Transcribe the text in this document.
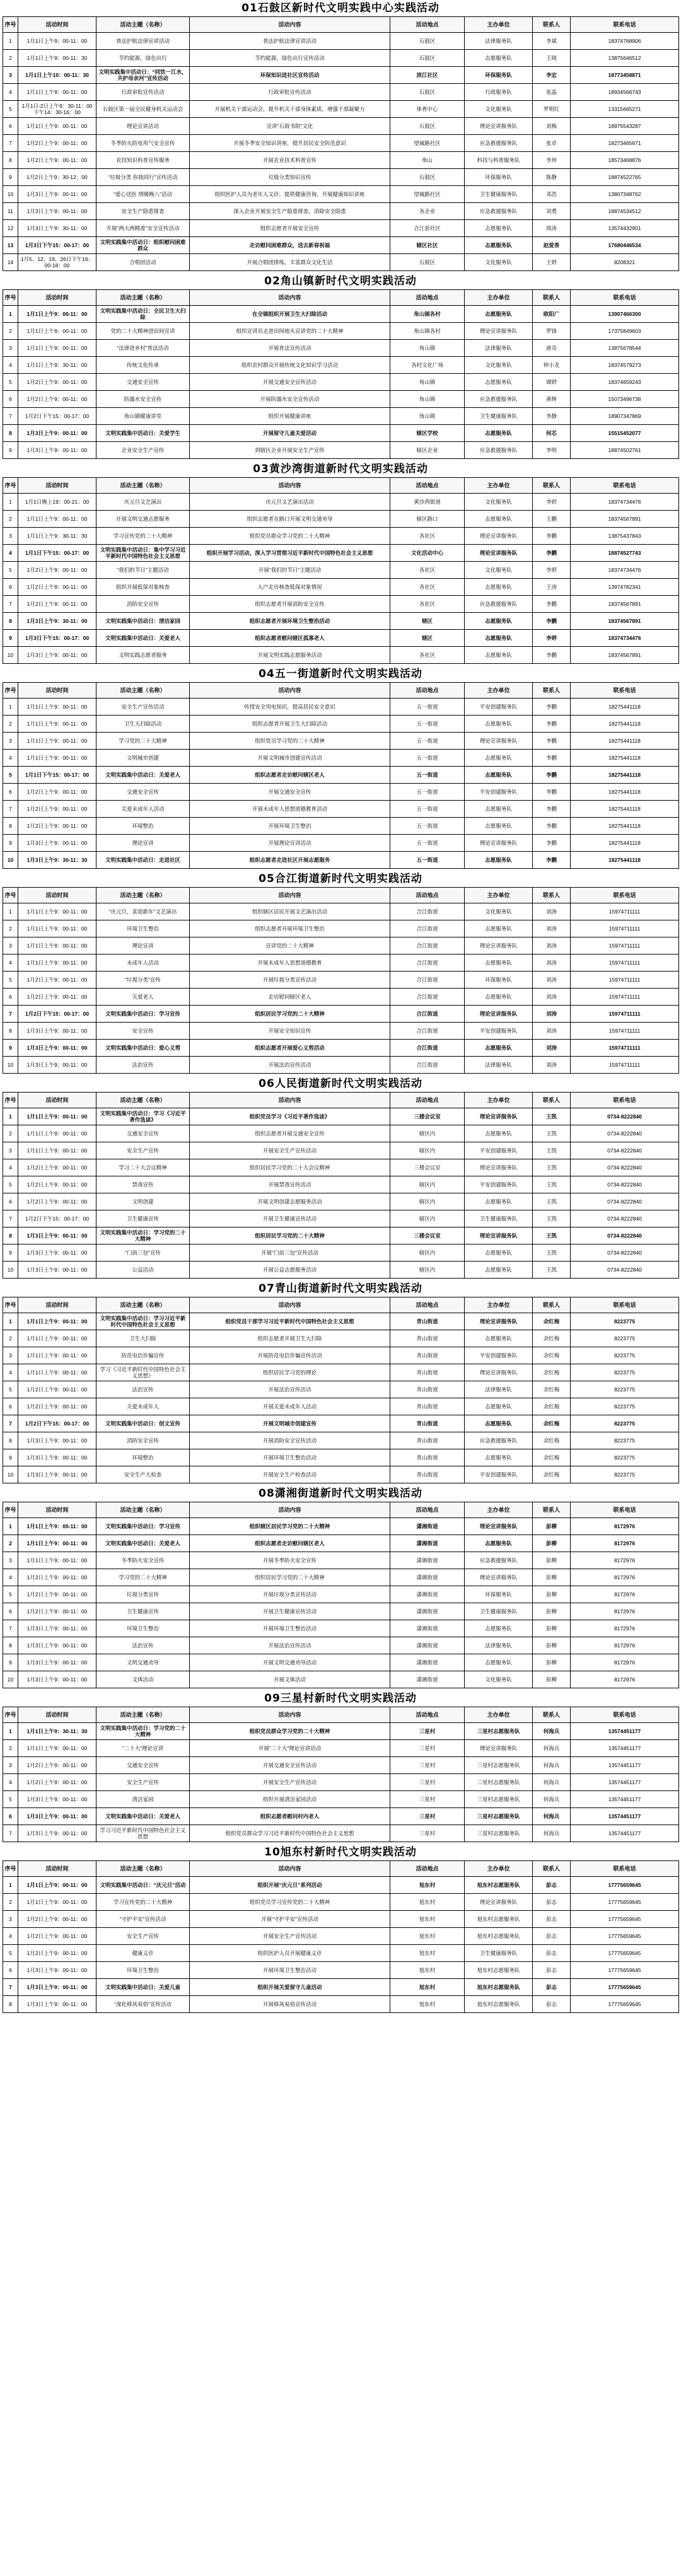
01石鼓区新时代文明实践中心实践活动
序号	活动时间	活动主题（名称）	活动内容	活动地点	主办单位	联系人	联系电话
1	1月1日上午9：00-11：00	普法护航法律宣讲活动	普法护航法律宣讲活动	石鼓区	法律服务队	李斌	18374768906
2	1月1日上午9：00-11：30	节约能源，绿色出行	节约能源，绿色出行宣传活动	石鼓区	志愿服务队	王晓	13875646512
3	1月1日上午10：00-11：30	文明实践集中活动日：“同饮一江水，共护母亲河”宣传活动	环保知识进社区宣传活动	滨江社区	环保服务队	李宏	18773458871
4	1月1日上午9：00-11：00	行政审批宣传活动	行政审批宣传活动	石鼓区	行政服务队	张晶	18934566743
5	1月1日-2日上午9：30-11：00 下午14：30-16：00	石鼓区第一届全民健身机关运动会	开展机关干部运动会，提升机关干部身体素质，增强干部凝聚力	体育中心	文化服务队	罗明红	13315665271
6	1月1日上午9：00-11：00	理论宣讲活动	宣讲“石鼓书院”文化	石鼓区	理论宣讲服务队	刘梅	18975543287
7	1月2日上午9：00-11：00	冬季防火防电用气安全宣传	开展冬季安全知识讲座，提升居民安全防范意识	望城路社区	应急救援服务队	张卓	18273465671
8	1月2日上午9：00-11：00	农技知识科普宣传服务	开展农业技术科普宣传	角山	科技与科普服务队	李珍	18573468876
9	1月2日上午9：30-12：00	“垃圾分类 你我同行”宣传活动	垃圾分类知识宣传	石鼓区	环保服务队	陈静	18874522765
10	1月3日上午9：00-11：00	“爱心送医 情暖晚八”活动	组织医护人员为老年人义诊，提供健康咨询，开展健康知识讲座	望城路社区	卫生健康服务队	邓浩	13807348762
11	1月3日上午9：00-11：00	安全生产隐患排查	深入企业开展安全生产隐患排查，消除安全隐患	各企业	应急救援服务队	刘勇	18874534512
12	1月3日上午9：30-11：00	开展“两大两精准”安全宣传活动	组织志愿者开展安全宣传	合江套社区	志愿服务队	周涛	13574432901
13	1月3日下午15：00-17：00	文明实践集中活动日：组织慰问困难群众	走访慰问困难群众，送去新春祝福	辖区社区	志愿服务队	赵爱香	17680446534
14	1月5、12、19、26日下午16：00-18：00	合唱团活动	开展合唱团排练，丰富群众文化生活	石鼓区	文化服务队	王婷	8208321
02角山镇新时代文明实践活动
序号	活动时间	活动主题（名称）	活动内容	活动地点	主办单位	联系人	联系电话
1	1月1日上午9：00-11：00	文明实践集中活动日：全民卫生大扫除	在全镇组织开展卫生大扫除活动	角山镇各村	志愿服务队	欧阳广	13907466300
2	1月1日上午9：00-11：00	党的二十大精神进田间宣讲	组织宣讲员走进田间地头宣讲党的二十大精神	角山镇各村	理论宣讲服务队	罗锋	17375849603
3	1月1日上午9：00-11：00	“法律进乡村”普法活动	开展普法宣传活动	角山镇	法律服务队	唐亮	13875678544
4	1月1日上午9：30-11：00	传统文化传承	组织农村群众开展传统文化知识学习活动	各村文化广场	文化服务队	钟小龙	18374579273
5	1月2日上午9：00-11：00	交通安全宣传	开展交通安全宣传活动	角山镇	志愿服务队	谭婷	18374659243
6	1月2日上午9：00-11：00	防溺水安全宣传	开展防溺水安全宣传活动	角山镇	应急救援服务队	黄辉	15073496738
7	1月2日下午15：00-17：00	角山镇健康讲堂	组织开展健康讲座	角山镇	卫生健康服务队	李静	18907347869
8	1月3日上午9：00-11：00	文明实践集中活动日：关爱学生	开展留守儿童关爱活动	辖区学校	志愿服务队	何芯	15515452077
9	1月3日上午9：00-11：00	企业安全生产宣传	到辖区企业开展安全生产宣传	辖区企业	应急救援服务队	李明	18874502761
03黄沙湾街道新时代文明实践活动
序号	活动时间	活动主题（名称）	活动内容	活动地点	主办单位	联系人	联系电话
1	1月1日晚上19：00-21：00	庆元旦文艺演出	庆元旦文艺演出活动	黄沙湾街道	文化服务队	李婷	18374734476
2	1月1日上午9：00-11：00	开展文明交通志愿服务	组织志愿者在路口开展文明交通劝导	辖区路口	志愿服务队	王鹏	18374567891
3	1月1日上午9：30-11：30	学习宣传党的二十大精神	组织党员群众学习党的二十大精神	各社区	理论宣讲服务队	李鹏	13875437843
4	1月1日下午15：00-17：00	文明实践集中活动日：集中学习习近平新时代中国特色社会主义思想	组织开展学习活动，深入学习贯彻习近平新时代中国特色社会主义思想	文化活动中心	理论宣讲服务队	李鹏	18874527743
5	1月2日上午9：00-11：00	“我们的节日”主题活动	开展“我们的节日”主题活动	各社区	文化服务队	李婷	18374734476
6	1月2日上午9：00-11：00	组织开展低保对象核查	入户走访核查低保对象情况	各社区	志愿服务队	王涛	13974782341
7	1月2日上午9：00-11：00	消防安全宣传	组织志愿者开展消防安全宣传	各社区	应急救援服务队	李鹏	18374567891
8	1月3日上午9：30-11：00	文明实践集中活动日：清洁家园	组织志愿者开展环境卫生整治活动	辖区	志愿服务队	李鹏	18374567891
9	1月3日下午15：00-17：00	文明实践集中活动日：关爱老人	组织志愿者慰问辖区孤寡老人	辖区	志愿服务队	李婷	18374734476
10	1月3日上午9：00-11：00	文明实践志愿者服务	开展文明实践志愿服务活动	各社区	志愿服务队	李鹏	18374567891
04五一街道新时代文明实践活动
序号	活动时间	活动主题（名称）	活动内容	活动地点	主办单位	联系人	联系电话
1	1月1日上午9：00-11：00	安全生产宣传活动	传授安全用电知识，提高居民安全意识	五一街道	平安创建服务队	李鹏	18275441118
2	1月1日上午9：00-11：00	卫生大扫除活动	组织志愿者开展卫生大扫除活动	五一街道	志愿服务队	李鹏	18275441118
3	1月1日上午9：00-11：00	学习党的二十大精神	组织党员学习党的二十大精神	五一街道	理论宣讲服务队	李鹏	18275441118
4	1月1日上午9：00-11：00	文明城市创建	开展文明城市创建宣传活动	五一街道	志愿服务队	李鹏	18275441118
5	1月1日下午15：00-17：00	文明实践集中活动日：关爱老人	组织志愿者走访慰问辖区老人	五一街道	志愿服务队	李鹏	18275441118
6	1月2日上午9：00-11：00	交通安全宣传	开展交通安全宣传	五一街道	平安创建服务队	李鹏	18275441118
7	1月2日上午9：00-11：00	关爱未成年人活动	开展未成年人思想道德教育活动	五一街道	志愿服务队	李鹏	18275441118
8	1月2日上午9：00-11：00	环境整治	开展环境卫生整治	五一街道	志愿服务队	李鹏	18275441118
9	1月3日上午9：00-11：00	理论宣讲	开展理论宣讲活动	五一街道	理论宣讲服务队	李鹏	18275441118
10	1月3日上午9：30-11：30	文明实践集中活动日：走进社区	组织志愿者走进社区开展志愿服务	五一街道	志愿服务队	李鹏	18275441118
05合江街道新时代文明实践活动
序号	活动时间	活动主题（名称）	活动内容	活动地点	主办单位	联系人	联系电话
1	1月1日上午9：00-11：00	“庆元旦，喜迎新年”文艺演出	组织辖区居民开展文艺演出活动	合江街道	文化服务队	刘涛	15974711111
2	1月1日上午9：00-11：00	环境卫生整治	组织志愿者开展环境卫生整治	合江街道	志愿服务队	刘涛	15974711111
3	1月1日上午9：00-11：00	理论宣讲	宣讲党的二十大精神	合江街道	理论宣讲服务队	刘涛	15974711111
4	1月1日上午9：00-11：00	未成年人活动	开展未成年人思想道德教育	合江街道	志愿服务队	刘涛	15974711111
5	1月2日上午9：00-11：00	“垃圾分类”宣传	开展垃圾分类宣传活动	合江街道	环保服务队	刘涛	15974711111
6	1月2日上午9：00-11：00	关爱老人	走访慰问辖区老人	合江街道	志愿服务队	刘涛	15974711111
7	1月2日下午15：00-17：00	文明实践集中活动日：学习宣传	组织居民学习党的二十大精神	合江街道	理论宣讲服务队	刘涛	15974711111
8	1月3日上午9：00-11：00	安全宣传	开展安全知识宣传	合江街道	平安创建服务队	刘涛	15974711111
9	1月3日上午9：00-11：00	文明实践集中活动日：爱心义剪	组织志愿者开展爱心义剪活动	合江街道	志愿服务队	刘涛	15974711111
10	1月3日上午9：00-11：00	法治宣传	开展法治宣传活动	合江街道	法律服务队	刘涛	15974711111
06人民街道新时代文明实践活动
序号	活动时间	活动主题（名称）	活动内容	活动地点	主办单位	联系人	联系电话
1	1月1日上午9：00-11：00	文明实践集中活动日：学习《习近平著作选读》	组织党员学习《习近平著作选读》	三楼会议室	理论宣讲服务队	王凯	0734-8222840
2	1月1日上午9：00-11：00	交通安全宣传	组织志愿者开展交通安全宣传	辖区内	志愿服务队	王凯	0734-8222840
3	1月1日上午9：00-11：00	安全生产宣传	开展安全生产宣传活动	辖区内	平安创建服务队	王凯	0734-8222840
4	1月2日上午9：00-11：00	学习二十大会议精神	组织居民学习党的二十大会议精神	三楼会议室	理论宣讲服务队	王凯	0734-8222840
5	1月2日上午9：00-11：00	禁毒宣传	开展禁毒宣传活动	辖区内	平安创建服务队	王凯	0734-8222840
6	1月2日上午9：00-11：00	文明创建	开展文明创建志愿服务活动	辖区内	志愿服务队	王凯	0734-8222840
7	1月2日下午15：00-17：00	卫生健康宣传	开展卫生健康宣传活动	辖区内	卫生健康服务队	王凯	0734-8222840
8	1月3日上午9：00-11：00	文明实践集中活动日：学习党的二十大精神	组织居民学习党的二十大精神	三楼会议室	理论宣讲服务队	王凯	0734-8222840
9	1月3日上午9：00-11：00	“门前三包”宣传	开展“门前三包”宣传活动	辖区内	志愿服务队	王凯	0734-8222840
10	1月3日上午9：00-11：00	公益活动	开展公益志愿服务活动	辖区内	志愿服务队	王凯	0734-8222840
07青山街道新时代文明实践活动
序号	活动时间	活动主题（名称）	活动内容	活动地点	主办单位	联系人	联系电话
1	1月1日上午9：00-11：00	文明实践集中活动日：学习习近平新时代中国特色社会主义思想	组织党员干部学习习近平新时代中国特色社会主义思想	青山街道	理论宣讲服务队	余红梅	8223775
2	1月1日上午9：00-11：00	卫生大扫除	组织志愿者开展卫生大扫除	青山街道	志愿服务队	余红梅	8223775
3	1月1日上午9：00-11：00	防范电信诈骗宣传	开展防范电信诈骗宣传活动	青山街道	平安创建服务队	余红梅	8223775
4	1月1日上午9：00-11：00	学习《习近平新时代中国特色社会主义思想》	组织居民学习党的理论	青山街道	理论宣讲服务队	余红梅	8223775
5	1月2日上午9：00-11：00	法治宣传	开展法治宣传活动	青山街道	法律服务队	余红梅	8223775
6	1月2日上午9：00-11：00	关爱未成年人	开展关爱未成年人活动	青山街道	志愿服务队	余红梅	8223775
7	1月2日下午15：00-17：00	文明实践集中活动日：创文宣传	开展文明城市创建宣传	青山街道	志愿服务队	余红梅	8223775
8	1月3日上午9：00-11：00	消防安全宣传	开展消防安全宣传活动	青山街道	应急救援服务队	余红梅	8223775
9	1月3日上午9：00-11：00	环境整治	开展环境卫生整治活动	青山街道	志愿服务队	余红梅	8223775
10	1月3日上午9：00-11：00	安全生产大检查	开展安全生产检查活动	青山街道	平安创建服务队	余红梅	8223775
08潇湘街道新时代文明实践活动
序号	活动时间	活动主题（名称）	活动内容	活动地点	主办单位	联系人	联系电话
1	1月1日上午9：00-11：00	文明实践集中活动日：学习宣传	组织辖区居民学习党的二十大精神	潇湘街道	理论宣讲服务队	彭柳	8172976
2	1月1日上午9：00-11：00	文明实践集中活动日：关爱老人	组织志愿者走访慰问辖区老人	潇湘街道	志愿服务队	彭柳	8172976
3	1月1日上午9：00-11：00	冬季防火安全宣传	开展冬季防火安全宣传	潇湘街道	应急救援服务队	彭柳	8172976
4	1月2日上午9：00-11：00	学习党的二十大精神	组织居民学习党的二十大精神	潇湘街道	理论宣讲服务队	彭柳	8172976
5	1月2日上午9：00-11：00	垃圾分类宣传	开展垃圾分类宣传活动	潇湘街道	环保服务队	彭柳	8172976
6	1月2日上午9：00-11：00	卫生健康宣传	开展卫生健康宣传活动	潇湘街道	卫生健康服务队	彭柳	8172976
7	1月3日上午9：00-11：00	环境卫生整治	开展环境卫生整治活动	潇湘街道	志愿服务队	彭柳	8172976
8	1月3日上午9：00-11：00	法治宣传	开展法治宣传活动	潇湘街道	法律服务队	彭柳	8172976
9	1月3日上午9：00-11：00	文明交通劝导	开展文明交通劝导活动	潇湘街道	志愿服务队	彭柳	8172976
10	1月3日上午9：00-11：00	文体活动	开展文体活动	潇湘街道	文化服务队	彭柳	8172976
09三星村新时代文明实践活动
序号	活动时间	活动主题（名称）	活动内容	活动地点	主办单位	联系人	联系电话
1	1月1日上午9：30-11：30	文明实践集中活动日：学习党的二十大精神	组织党员群众学习党的二十大精神	三星村	三星村志愿服务队	何海兵	13574451177
2	1月1日上午9：00-11：00	“二十大”理论宣讲	开展“二十大”理论宣讲活动	三星村	理论宣讲服务队	何海兵	13574451177
3	1月2日上午9：00-11：00	交通安全宣传	开展交通安全宣传活动	三星村	三星村志愿服务队	何海兵	13574451177
4	1月2日上午9：00-11：00	安全生产宣传	开展安全生产宣传活动	三星村	三星村志愿服务队	何海兵	13574451177
5	1月3日上午9：00-11：00	清洁家园	组织开展清洁家园活动	三星村	三星村志愿服务队	何海兵	13574451177
6	1月3日上午9：00-11：00	文明实践集中活动日：关爱老人	组织志愿者慰问村内老人	三星村	三星村志愿服务队	何海兵	13574451177
7	1月3日上午9：00-11：00	学习习近平新时代中国特色社会主义思想	组织党员群众学习习近平新时代中国特色社会主义思想	三星村	三星村志愿服务队	何海兵	13574451177
10旭东村新时代文明实践活动
序号	活动时间	活动主题（名称）	活动内容	活动地点	主办单位	联系人	联系电话
1	1月1日上午9：00-11：00	文明实践集中活动日：“庆元旦”活动	组织开展“庆元旦”系列活动	旭东村	旭东村志愿服务队	彭志	17775659645
2	1月1日上午9：00-11：00	学习宣传党的二十大精神	组织党员学习宣传党的二十大精神	旭东村	理论宣讲服务队	彭志	17775659645
3	1月2日上午9：00-11：00	“守护平安”宣传活动	开展“守护平安”宣传活动	旭东村	旭东村志愿服务队	彭志	17775659645
4	1月2日上午9：00-11：00	安全生产宣传	开展安全生产宣传活动	旭东村	旭东村志愿服务队	彭志	17775659645
5	1月2日上午9：00-11：00	健康义诊	组织医护人员开展健康义诊	旭东村	卫生健康服务队	彭志	17775659645
6	1月3日上午9：00-11：00	环境卫生整治	开展环境卫生整治活动	旭东村	旭东村志愿服务队	彭志	17775659645
7	1月3日上午9：00-11：00	文明实践集中活动日：关爱儿童	组织开展关爱留守儿童活动	旭东村	旭东村志愿服务队	彭志	17775659645
8	1月3日上午9：00-11：00	“深化移风易俗”宣传活动	开展移风易俗宣传活动	旭东村	旭东村志愿服务队	彭志	17775659645
